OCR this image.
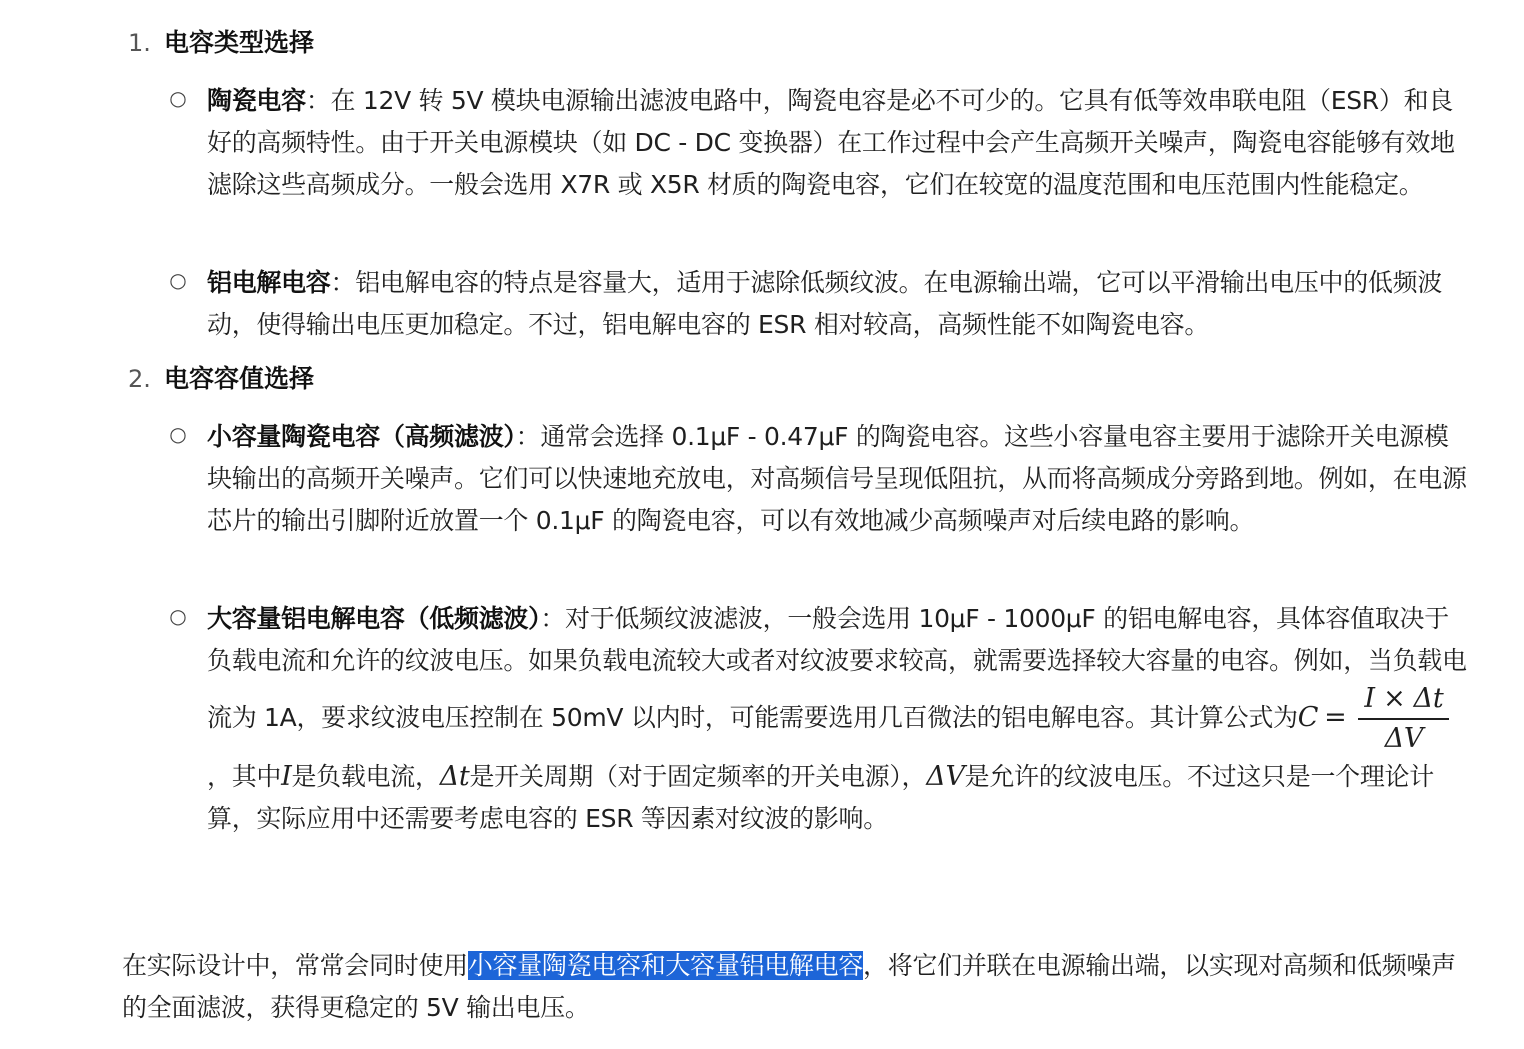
1. 电容类型选择
○ 陶瓷电容：在 12V 转 5V 模块电源输出滤波电路中，陶瓷电容是必不可少的。它具有低等效串联电阻（ESR）和良好的高频特性。由于开关电源模块（如 DC - DC 变换器）在工作过程中会产生高频开关噪声，陶瓷电容能够有效地滤除这些高频成分。一般会选用 X7R 或 X5R 材质的陶瓷电容，它们在较宽的温度范围和电压范围内性能稳定。
○ 铝电解电容：铝电解电容的特点是容量大，适用于滤除低频纹波。在电源输出端，它可以平滑输出电压中的低频波动，使得输出电压更加稳定。不过，铝电解电容的 ESR 相对较高，高频性能不如陶瓷电容。
2. 电容容值选择
○ 小容量陶瓷电容（高频滤波）：通常会选择 0.1μF - 0.47μF 的陶瓷电容。这些小容量电容主要用于滤除开关电源模块输出的高频开关噪声。它们可以快速地充放电，对高频信号呈现低阻抗，从而将高频成分旁路到地。例如，在电源芯片的输出引脚附近放置一个 0.1μF 的陶瓷电容，可以有效地减少高频噪声对后续电路的影响。
○ 大容量铝电解电容（低频滤波）：对于低频纹波滤波，一般会选用 10μF - 1000μF 的铝电解电容，具体容值取决于负载电流和允许的纹波电压。如果负载电流较大或者对纹波要求较高，就需要选择较大容量的电容。例如，当负载电流为 1A，要求纹波电压控制在 50mV 以内时，可能需要选用几百微法的铝电解电容。其计算公式为$C = \frac{I \times \Delta t}{\Delta V}$
，其中I是负载电流，Δt是开关周期（对于固定频率的开关电源），ΔV是允许的纹波电压。不过这只是一个理论计算，实际应用中还需要考虑电容的 ESR 等因素对纹波的影响。
在实际设计中，常常会同时使用小容量陶瓷电容和大容量铝电解电容，将它们并联在电源输出端，以实现对高频和低频噪声的全面滤波，获得更稳定的 5V 输出电压。
